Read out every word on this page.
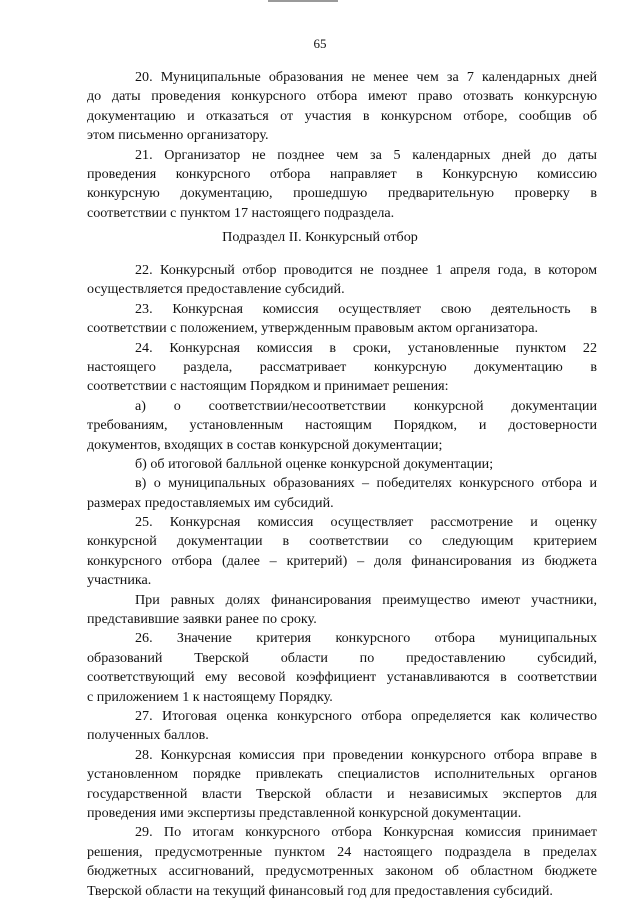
65
20. Муниципальные образования не менее чем за 7 календарных дней
до даты проведения конкурсного отбора имеют право отозвать конкурсную
документацию и отказаться от участия в конкурсном отборе, сообщив об
этом письменно организатору.
21. Организатор не позднее чем за 5 календарных дней до даты
проведения конкурсного отбора направляет в Конкурсную комиссию
конкурсную документацию, прошедшую предварительную проверку в
соответствии с пунктом 17 настоящего подраздела.
Подраздел II. Конкурсный отбор
22. Конкурсный отбор проводится не позднее 1 апреля года, в котором
осуществляется предоставление субсидий.
23. Конкурсная комиссия осуществляет свою деятельность в
соответствии с положением, утвержденным правовым актом организатора.
24. Конкурсная комиссия в сроки, установленные пунктом 22
настоящего раздела, рассматривает конкурсную документацию в
соответствии с настоящим Порядком и принимает решения:
а) о соответствии/несоответствии конкурсной документации
требованиям, установленным настоящим Порядком, и достоверности
документов, входящих в состав конкурсной документации;
б) об итоговой балльной оценке конкурсной документации;
в) о муниципальных образованиях – победителях конкурсного отбора и
размерах предоставляемых им субсидий.
25. Конкурсная комиссия осуществляет рассмотрение и оценку
конкурсной документации в соответствии со следующим критерием
конкурсного отбора (далее – критерий) – доля финансирования из бюджета
участника.
При равных долях финансирования преимущество имеют участники,
представившие заявки ранее по сроку.
26. Значение критерия конкурсного отбора муниципальных
образований Тверской области по предоставлению субсидий,
соответствующий ему весовой коэффициент устанавливаются в соответствии
с приложением 1 к настоящему Порядку.
27. Итоговая оценка конкурсного отбора определяется как количество
полученных баллов.
28. Конкурсная комиссия при проведении конкурсного отбора вправе в
установленном порядке привлекать специалистов исполнительных органов
государственной власти Тверской области и независимых экспертов для
проведения ими экспертизы представленной конкурсной документации.
29. По итогам конкурсного отбора Конкурсная комиссия принимает
решения, предусмотренные пунктом 24 настоящего подраздела в пределах
бюджетных ассигнований, предусмотренных законом об областном бюджете
Тверской области на текущий финансовый год для предоставления субсидий.
